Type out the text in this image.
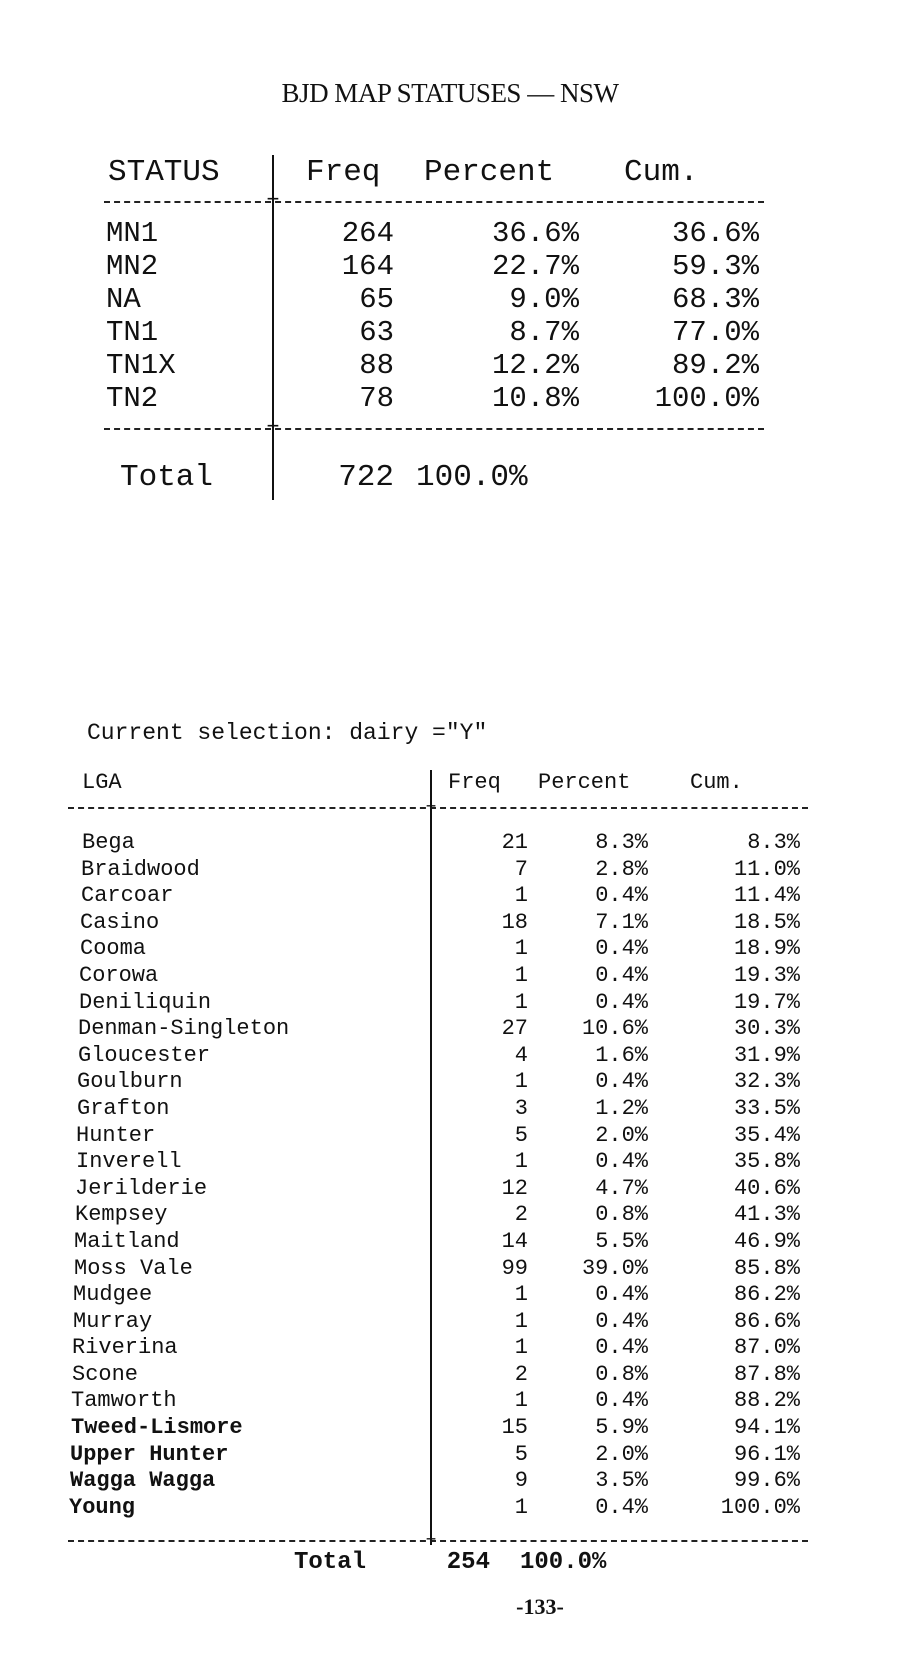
BJD MAP STATUSES — NSW
STATUS	Freq Percent Cum.
+
MN1	264	36.6%	36.6%
MN2	164	22.7%	59.3%
NA	65	9.0%	68.3%
TN1	63	8.7%	77.0%
TN1X	88	12.2%	89.2%
TN2	78	10.8%	100.0%
+
Total	722 100.0%
Current selection: dairy ="Y"
LGA	Freq Percent	Cum.
+
Bega	21	8.3%	8.3%
Braidwood	7	2.8%	11.0%
Carcoar	1	0.4%	11.4%
Casino	18	7.1%	18.5%
Cooma	1	0.4%	18.9%
Corowa	1	0.4%	19.3%
Deniliquin	1	0.4%	19.7%
Denman-Singleton	27 10.6%	30.3%
Gloucester	4	1.6%	31.9%
Goulburn	1	0.4%	32.3%
Grafton	3	1.2%	33.5%
Hunter	5	2.0%	35.4%
Inverell	1	0.4%	35.8%
Jerilderie	12	4.7%	40.6%
Kempsey	2	0.8%	41.3%
Maitland	14	5.5%	46.9%
Moss Vale	99 39.0%	85.8%
Mudgee	1	0.4%	86.2%
Murray	1	0.4%	86.6%
Riverina	1	0.4%	87.0%
Scone	2	0.8%	87.8%
Tamworth	1	0.4%	88.2%
Tweed-Lismore	15	5.9%	94.1%
Upper Hunter	5	2.0%	96.1%
Wagga Wagga	9	3.5%	99.6%
Young	1	0.4%	100.0%
+
Total	254 100.0%
-133-
